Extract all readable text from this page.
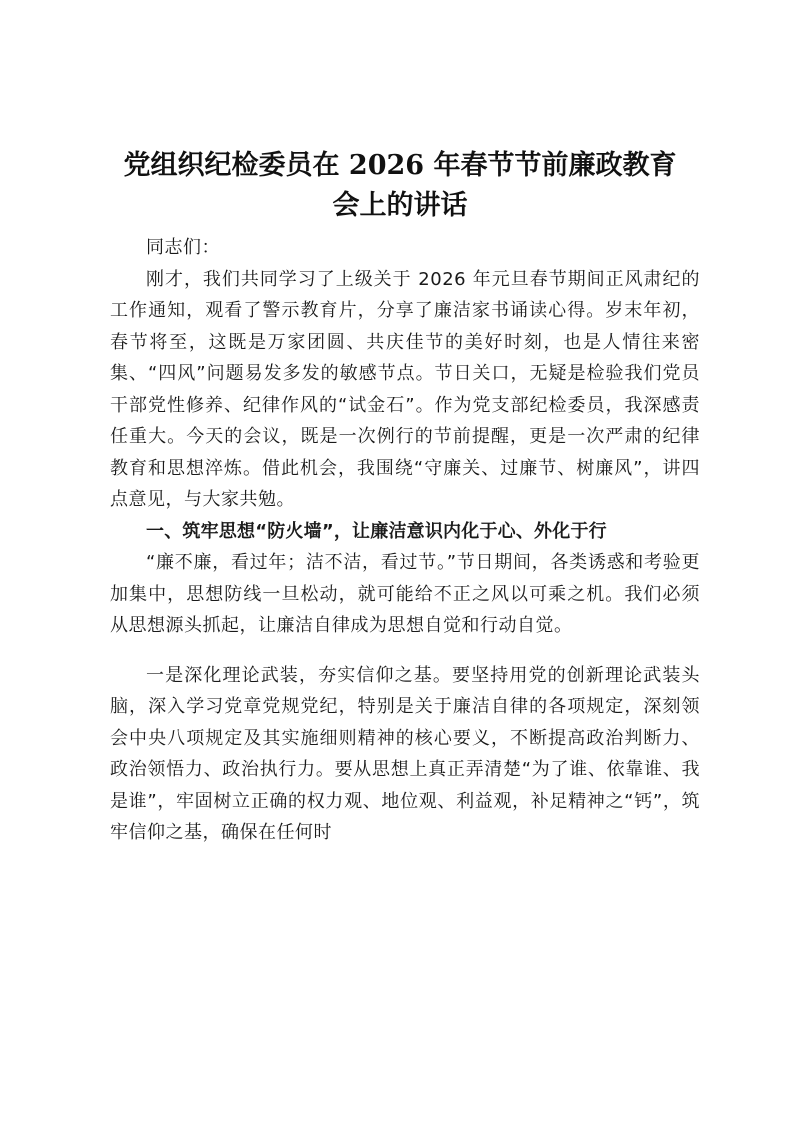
党组织纪检委员在 2026 年春节节前廉政教育
会上的讲话

同志们：

刚才，我们共同学习了上级关于 2026 年元旦春节期间正风肃纪的工作通知，观看了警示教育片，分享了廉洁家书诵读心得。岁末年初，春节将至，这既是万家团圆、共庆佳节的美好时刻，也是人情往来密集、“四风”问题易发多发的敏感节点。节日关口，无疑是检验我们党员干部党性修养、纪律作风的“试金石”。作为党支部纪检委员，我深感责任重大。今天的会议，既是一次例行的节前提醒，更是一次严肃的纪律教育和思想淬炼。借此机会，我围绕“守廉关、过廉节、树廉风”，讲四点意见，与大家共勉。

一、筑牢思想“防火墙”，让廉洁意识内化于心、外化于行

“廉不廉，看过年；洁不洁，看过节。”节日期间，各类诱惑和考验更加集中，思想防线一旦松动，就可能给不正之风以可乘之机。我们必须从思想源头抓起，让廉洁自律成为思想自觉和行动自觉。

一是深化理论武装，夯实信仰之基。要坚持用党的创新理论武装头脑，深入学习党章党规党纪，特别是关于廉洁自律的各项规定，深刻领会中央八项规定及其实施细则精神的核心要义，不断提高政治判断力、政治领悟力、政治执行力。要从思想上真正弄清楚“为了谁、依靠谁、我是谁”，牢固树立正确的权力观、地位观、利益观，补足精神之“钙”，筑牢信仰之基，确保在任何时
